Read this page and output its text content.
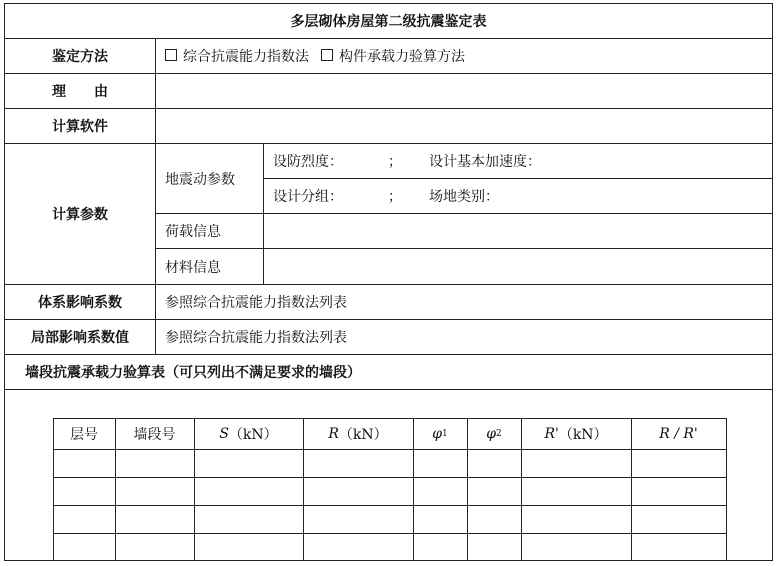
多层砌体房屋第二级抗震鉴定表
鉴定方法	综合抗震能力指数法 构件承载力验算方法
理由
计算软件
计算参数
地震动参数
设防烈度：	；	设计基本加速度：
设计分组：	；	场地类别：
荷载信息
材料信息
体系影响系数	参照综合抗震能力指数法列表
局部影响系数值	参照综合抗震能力指数法列表
墙段抗震承载力验算表（可只列出不满足要求的墙段）
层号	墙段号	S （kN）	R （kN）	φ 1	φ 2	R' （kN）	R / R'
